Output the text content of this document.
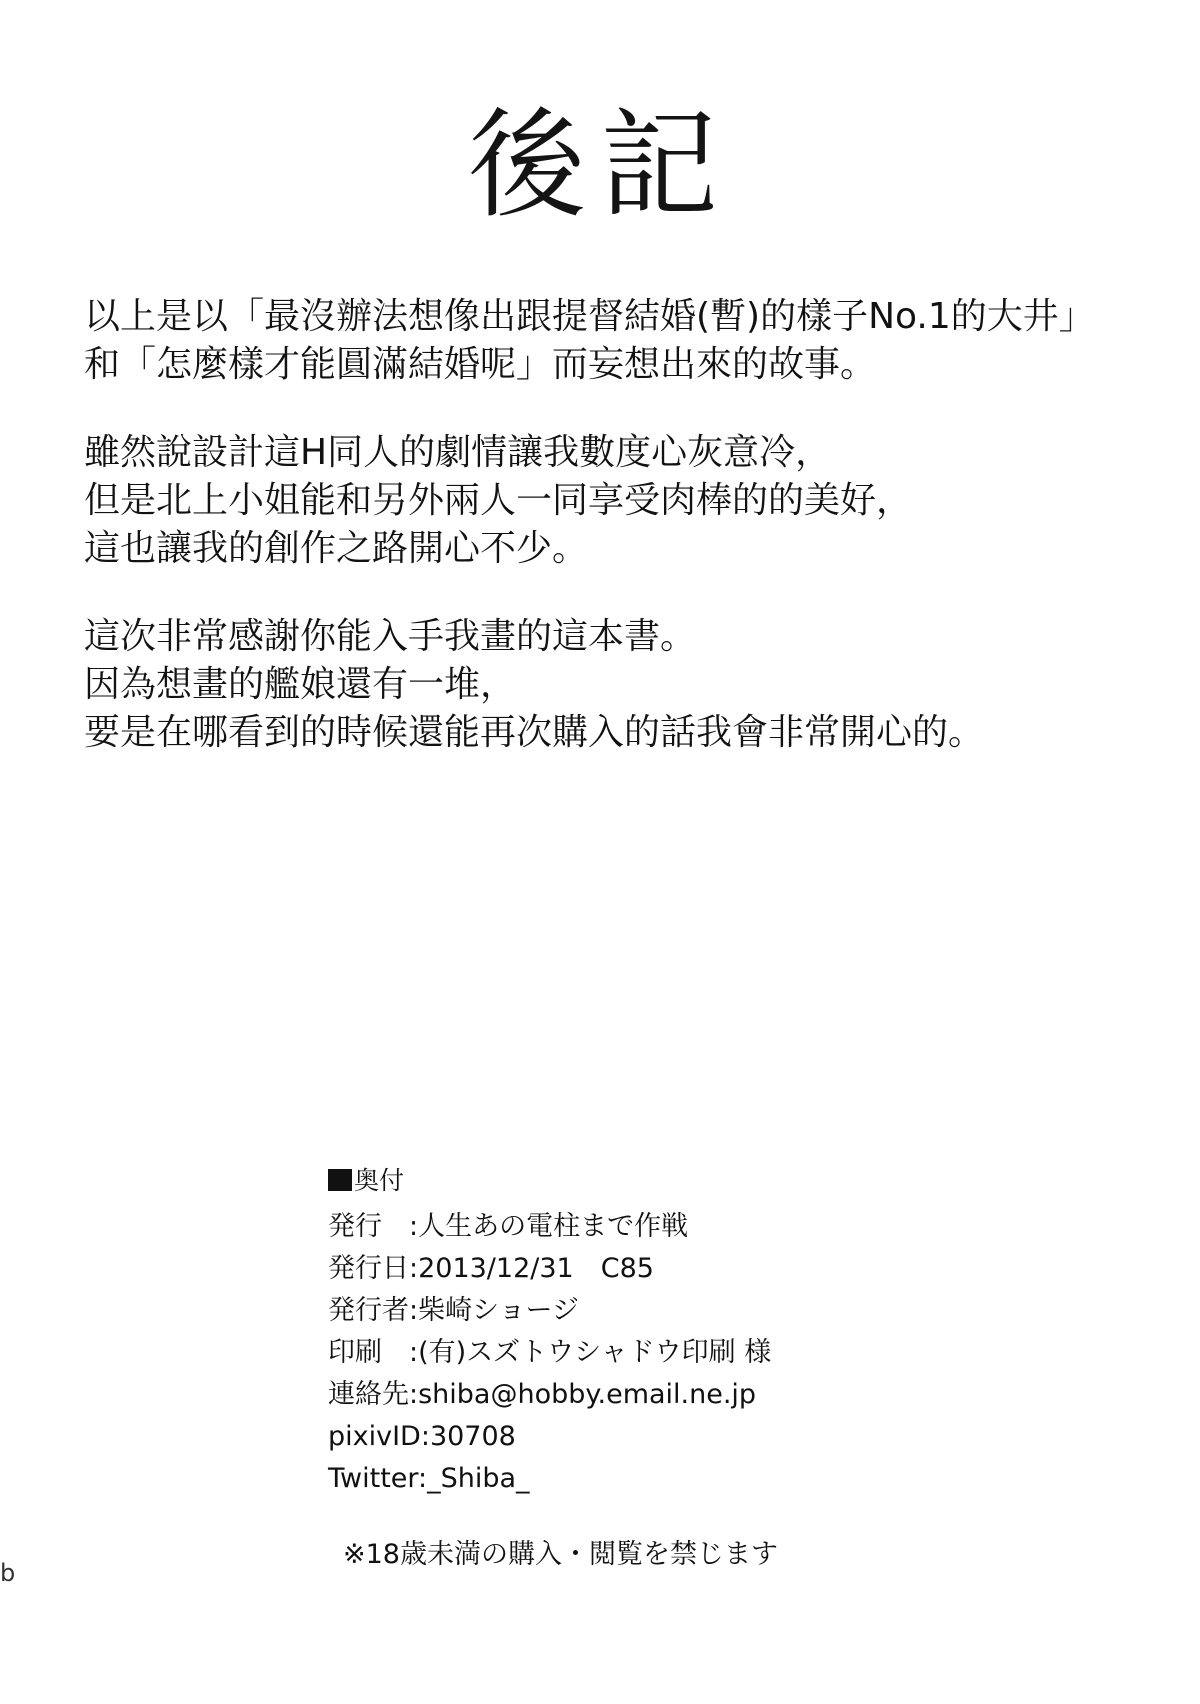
後記
以上是以「最沒辦法想像出跟提督結婚(暫)的樣子No.1的大井」
和「怎麼樣才能圓滿結婚呢」而妄想出來的故事。
雖然說設計這H同人的劇情讓我數度心灰意冷，
但是北上小姐能和另外兩人一同享受肉棒的的美好，
這也讓我的創作之路開心不少。
這次非常感謝你能入手我畫的這本書。
因為想畫的艦娘還有一堆，
要是在哪看到的時候還能再次購入的話我會非常開心的。
奥付
発行　:人生あの電柱まで作戦
発行日:2013/12/31　C85
発行者:柴崎ショージ
印刷　:(有)スズトウシャドウ印刷 様
連絡先:shiba@hobby.email.ne.jp
pixivID:30708
Twitter:_Shiba_
※18歳未満の購入・閲覧を禁じます
b
